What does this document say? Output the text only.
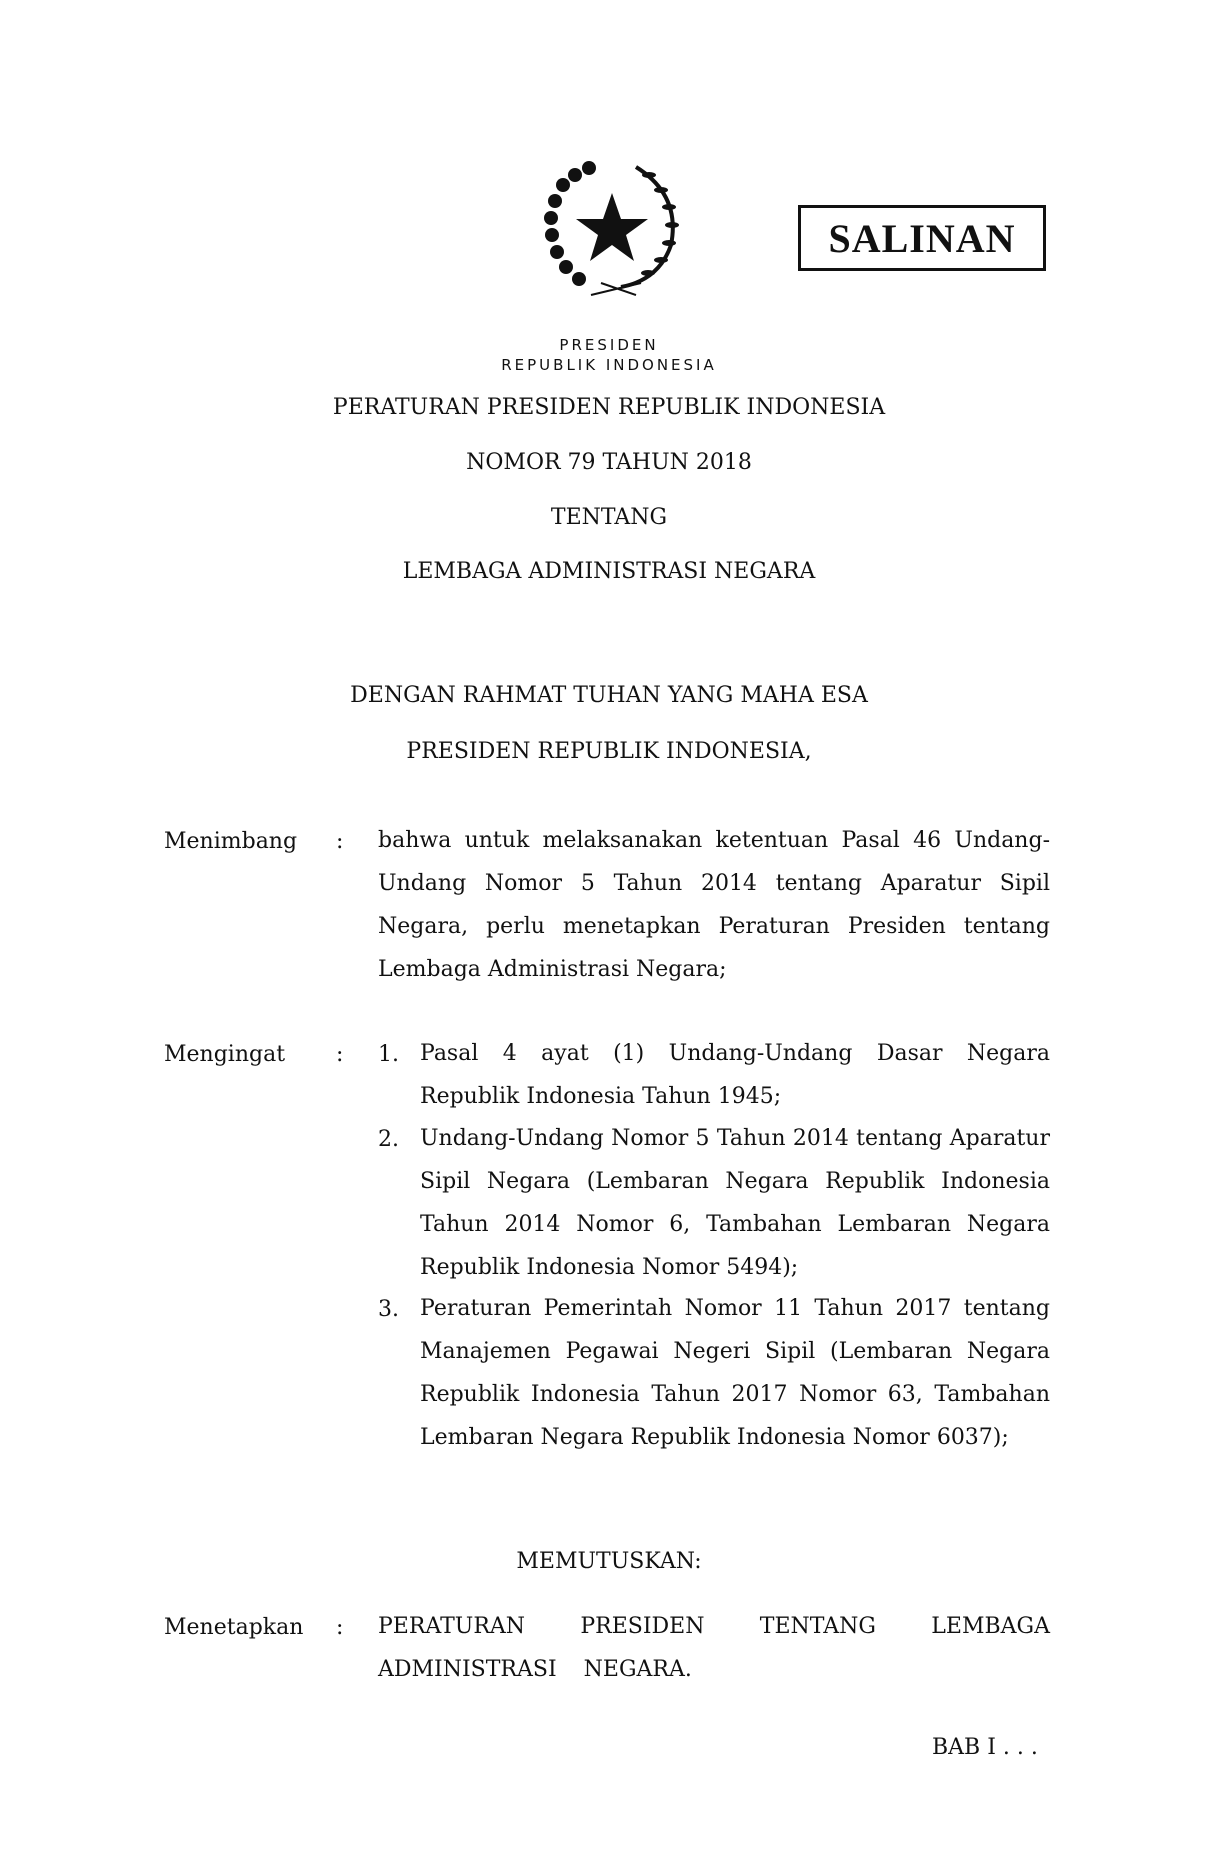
SALINAN
PRESIDEN
REPUBLIK INDONESIA
PERATURAN PRESIDEN REPUBLIK INDONESIA
NOMOR 79 TAHUN 2018
TENTANG
LEMBAGA ADMINISTRASI NEGARA
DENGAN RAHMAT TUHAN YANG MAHA ESA
PRESIDEN REPUBLIK INDONESIA,
Menimbang : bahwa untuk melaksanakan ketentuan Pasal 46 Undang-Undang Nomor 5 Tahun 2014 tentang Aparatur Sipil Negara, perlu menetapkan Peraturan Presiden tentang Lembaga Administrasi Negara;
Mengingat : 1. Pasal 4 ayat (1) Undang-Undang Dasar Negara Republik Indonesia Tahun 1945;
2. Undang-Undang Nomor 5 Tahun 2014 tentang Aparatur Sipil Negara (Lembaran Negara Republik Indonesia Tahun 2014 Nomor 6, Tambahan Lembaran Negara Republik Indonesia Nomor 5494);
3. Peraturan Pemerintah Nomor 11 Tahun 2017 tentang Manajemen Pegawai Negeri Sipil (Lembaran Negara Republik Indonesia Tahun 2017 Nomor 63, Tambahan Lembaran Negara Republik Indonesia Nomor 6037);
MEMUTUSKAN:
Menetapkan : PERATURAN PRESIDEN TENTANG LEMBAGA ADMINISTRASI NEGARA.
BAB I . . .
